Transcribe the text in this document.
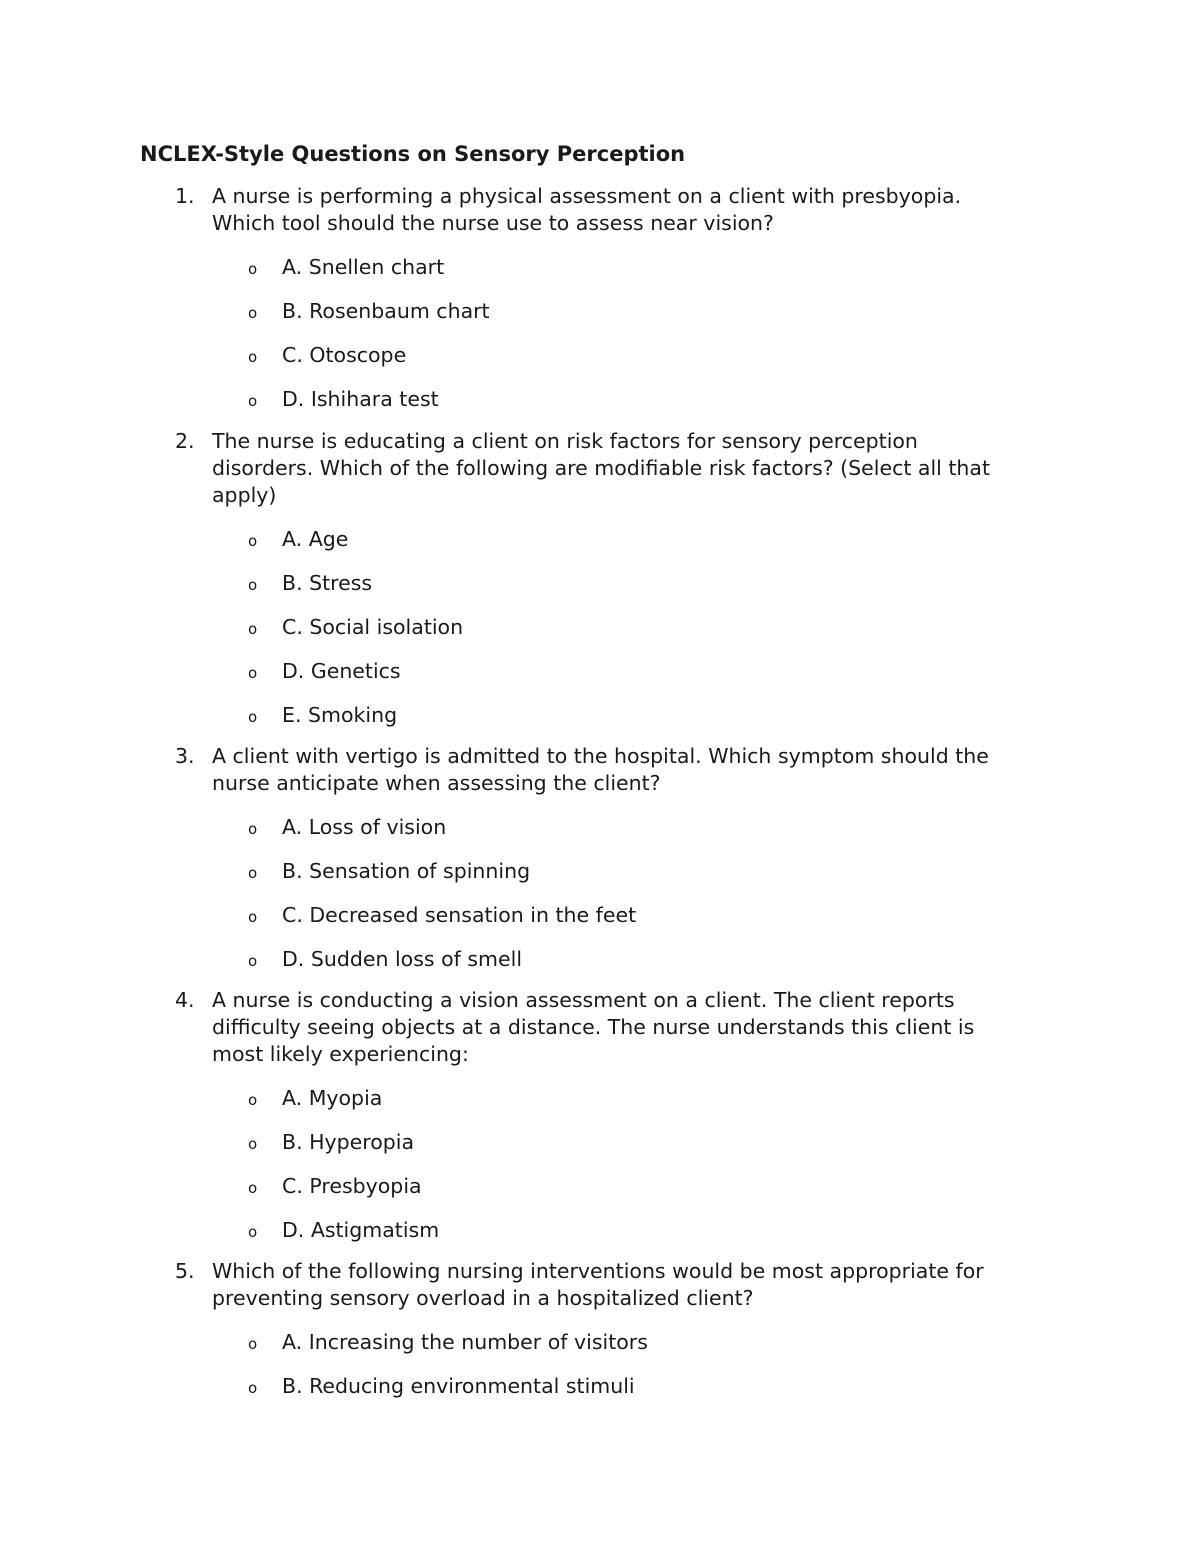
NCLEX-Style Questions on Sensory Perception
1. A nurse is performing a physical assessment on a client with presbyopia.
Which tool should the nurse use to assess near vision?
o A. Snellen chart
o B. Rosenbaum chart
o C. Otoscope
o D. Ishihara test
2. The nurse is educating a client on risk factors for sensory perception
disorders. Which of the following are modifiable risk factors? (Select all that
apply)
o A. Age
o B. Stress
o C. Social isolation
o D. Genetics
o E. Smoking
3. A client with vertigo is admitted to the hospital. Which symptom should the
nurse anticipate when assessing the client?
o A. Loss of vision
o B. Sensation of spinning
o C. Decreased sensation in the feet
o D. Sudden loss of smell
4. A nurse is conducting a vision assessment on a client. The client reports
difficulty seeing objects at a distance. The nurse understands this client is
most likely experiencing:
o A. Myopia
o B. Hyperopia
o C. Presbyopia
o D. Astigmatism
5. Which of the following nursing interventions would be most appropriate for
preventing sensory overload in a hospitalized client?
o A. Increasing the number of visitors
o B. Reducing environmental stimuli
